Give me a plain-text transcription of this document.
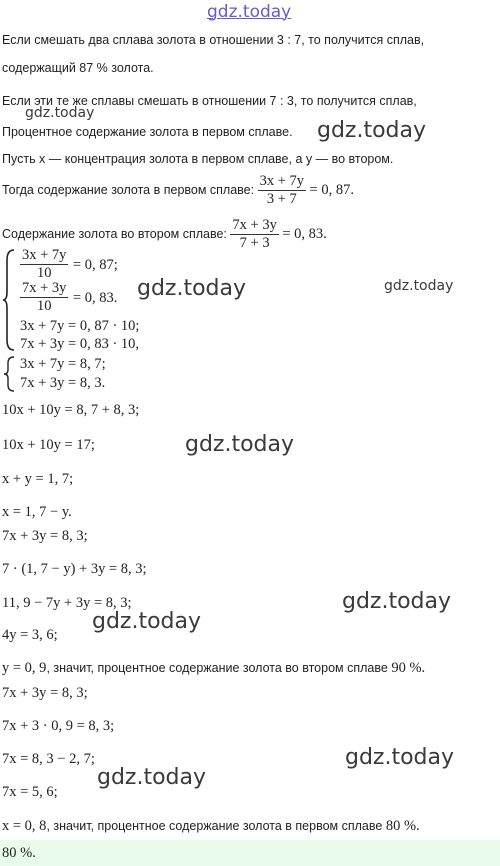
gdz.today
gdz.today
gdz.today
gdz.today	gdz.today
gdz.today
gdz.today
gdz.today
gdz.today
gdz.today
Если смешать два сплава золота в отношении 3 : 7, то получится сплав,
содержащий 87 % золота.
Если эти те же сплавы смешать в отношении 7 : 3, то получится сплав,
Процентное содержание золота в первом сплаве.
Пусть x — концентрация золота в первом сплаве, а y — во втором.
Тогда содержание золота в первом сплаве: $\frac{3x + 7y}{3 + 7} = 0$, 87.
Содержание золота во втором сплаве: $\frac{7x + 3y}{7 + 3} = 0$, 83.
$\frac{3x + 7y}{10} = 0$, 87;
$\frac{7x + 3y}{10} = 0$, 83.
3x + 7y = 0, 87 · 10;
7x + 3y = 0, 83 · 10,
3x + 7y = 8, 7;
7x + 3y = 8, 3.
10x + 10y = 8, 7 + 8, 3;
10x + 10y = 17;
x + y = 1, 7;
x = 1, 7 − y.
7x + 3y = 8, 3;
7 · (1, 7 − y) + 3y = 8, 3;
11, 9 − 7y + 3y = 8, 3;
4y = 3, 6;
y = 0, 9, значит, процентное содержание золота во втором сплаве 90 %.
7x + 3y = 8, 3;
7x + 3 · 0, 9 = 8, 3;
7x = 8, 3 − 2, 7;
7x = 5, 6;
x = 0, 8, значит, процентное содержание золота в первом сплаве 80 %.
80 %.
